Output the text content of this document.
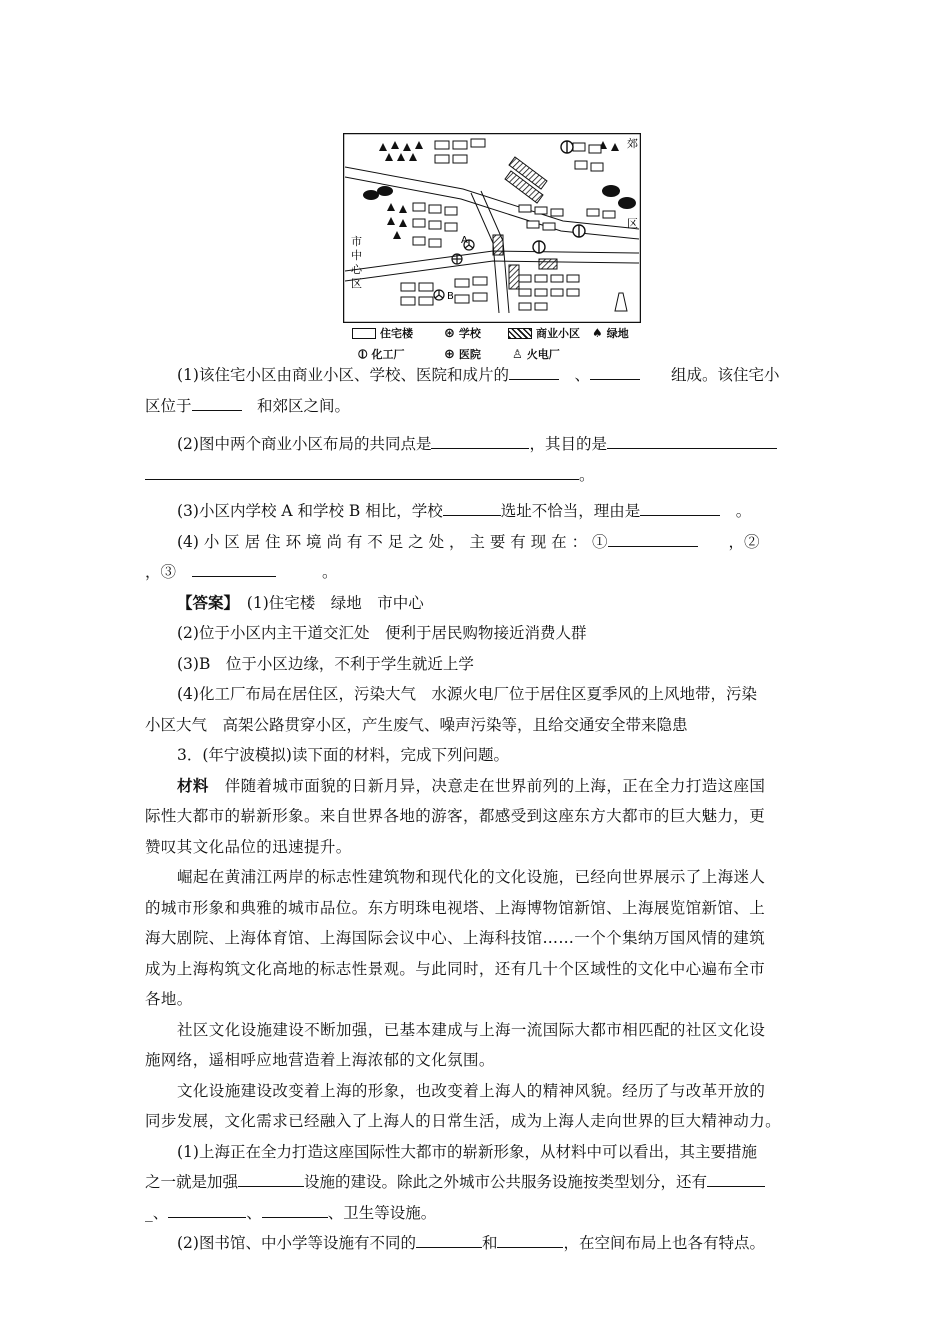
A
B
郊
区
市
中
心
区
住宅楼 ⊛ 学校	商业小区 ♠ 绿地
⦶ 化工厂	⊕ 医院	♙ 火电厂
(1)该住宅小区由商业小区、学校、医院和成片的　	、　　	组成。该住宅小
区位于　	和郊区之间。
(2)图中两个商业小区布局的共同点是	，其目的是
。
(3)小区内学校 A 和学校 B 相比，学校	选址不恰当，理由是　	。
(4) 小 区 居 住 环 境 尚 有 不 足 之 处 ， 主 要 有 现 在 ： ①　　	，②
，③　　　　	。
【答案】　 (1)住宅楼　绿地　市中心
(2)位于小区内主干道交汇处　便利于居民购物接近消费人群
(3)B　位于小区边缘，不利于学生就近上学
(4)化工厂布局在居住区，污染大气　水源火电厂位于居住区夏季风的上风地带，污染
小区大气　高架公路贯穿小区，产生废气、噪声污染等，且给交通安全带来隐患
3．(年宁波模拟)读下面的材料，完成下列问题。
材料　伴随着城市面貌的日新月异，决意走在世界前列的上海，正在全力打造这座国
际性大都市的崭新形象。来自世界各地的游客，都感受到这座东方大都市的巨大魅力，更
赞叹其文化品位的迅速提升。
崛起在黄浦江两岸的标志性建筑物和现代化的文化设施，已经向世界展示了上海迷人
的城市形象和典雅的城市品位。东方明珠电视塔、上海博物馆新馆、上海展览馆新馆、上
海大剧院、上海体育馆、上海国际会议中心、上海科技馆……一个个集纳万国风情的建筑
成为上海构筑文化高地的标志性景观。与此同时，还有几十个区域性的文化中心遍布全市
各地。
社区文化设施建设不断加强，已基本建成与上海一流国际大都市相匹配的社区文化设
施网络，遥相呼应地营造着上海浓郁的文化氛围。
文化设施建设改变着上海的形象，也改变着上海人的精神风貌。经历了与改革开放的
同步发展，文化需求已经融入了上海人的日常生活，成为上海人走向世界的巨大精神动力。
(1)上海正在全力打造这座国际性大都市的崭新形象，从材料中可以看出，其主要措施
之一就是加强	设施的建设。除此之外城市公共服务设施按类型划分，还有
_、	、	、卫生等设施。
(2)图书馆、中小学等设施有不同的	和	，在空间布局上也各有特点。
